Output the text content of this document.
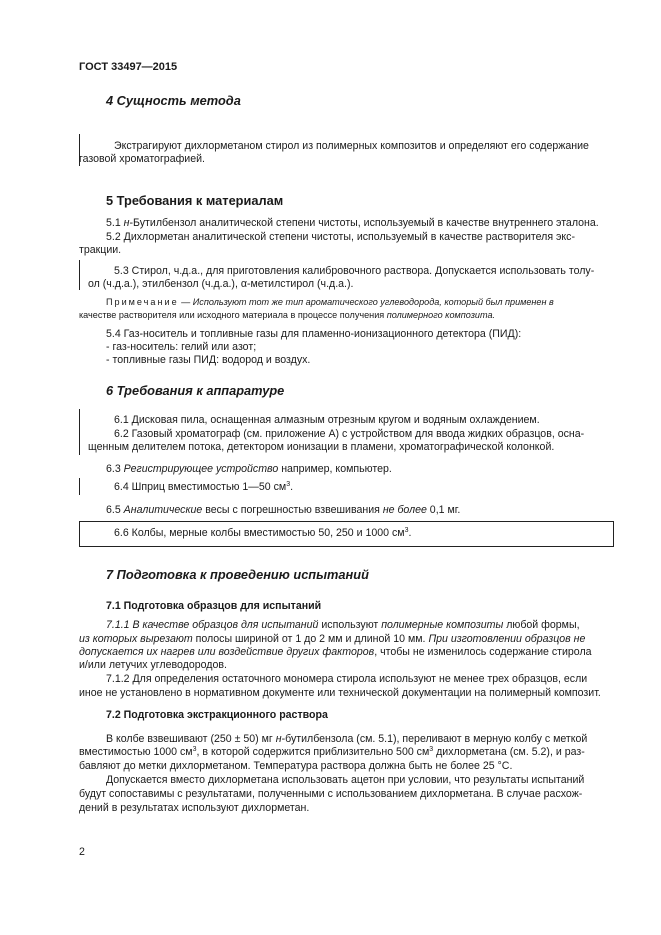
ГОСТ 33497—2015
4 Сущность метода
Экстрагируют дихлорметаном стирол из полимерных композитов и определяют его содержание
газовой хроматографией.
5 Требования к материалам
5.1 н-Бутилбензол аналитической степени чистоты, используемый в качестве внутреннего эталона.
5.2 Дихлорметан аналитической степени чистоты, используемый в качестве растворителя экс-
тракции.
5.3 Стирол, ч.д.а., для приготовления калибровочного раствора. Допускается использовать толу-
ол (ч.д.а.), этилбензол (ч.д.а.), α-метилстирол (ч.д.а.).
Примечание — Используют тот же тип ароматического углеводорода, который был применен в
качестве растворителя или исходного материала в процессе получения полимерного композита.
5.4 Газ-носитель и топливные газы для пламенно-ионизационного детектора (ПИД):
- газ-носитель: гелий или азот;
- топливные газы ПИД: водород и воздух.
6 Требования к аппаратуре
6.1 Дисковая пила, оснащенная алмазным отрезным кругом и водяным охлаждением.
6.2 Газовый хроматограф (см. приложение А) с устройством для ввода жидких образцов, осна-
щенным делителем потока, детектором ионизации в пламени, хроматографической колонкой.
6.3 Регистрирующее устройство например, компьютер.
6.4 Шприц вместимостью 1—50 $см^3$.
6.5 Аналитические весы с погрешностью взвешивания не более 0,1 мг.
6.6 Колбы, мерные колбы вместимостью 50, 250 и 1000 $см^3$.
7 Подготовка к проведению испытаний
7.1 Подготовка образцов для испытаний
7.1.1 В качестве образцов для испытаний используют полимерные композиты любой формы,
из которых вырезают полосы шириной от 1 до 2 мм и длиной 10 мм. При изготовлении образцов не
допускается их нагрев или воздействие других факторов, чтобы не изменилось содержание стирола
и/или летучих углеводородов.
7.1.2 Для определения остаточного мономера стирола используют не менее трех образцов, если
иное не установлено в нормативном документе или технической документации на полимерный композит.
7.2 Подготовка экстракционного раствора
В колбе взвешивают (250 ± 50) мг н-бутилбензола (см. 5.1), переливают в мерную колбу с меткой
вместимостью 1000 $см^3$, в которой содержится приблизительно 500 $см^3$ дихлорметана (см. 5.2), и раз-
бавляют до метки дихлорметаном. Температура раствора должна быть не более 25 °С.
Допускается вместо дихлорметана использовать ацетон при условии, что результаты испытаний
будут сопоставимы с результатами, полученными с использованием дихлорметана. В случае расхож-
дений в результатах используют дихлорметан.
2
